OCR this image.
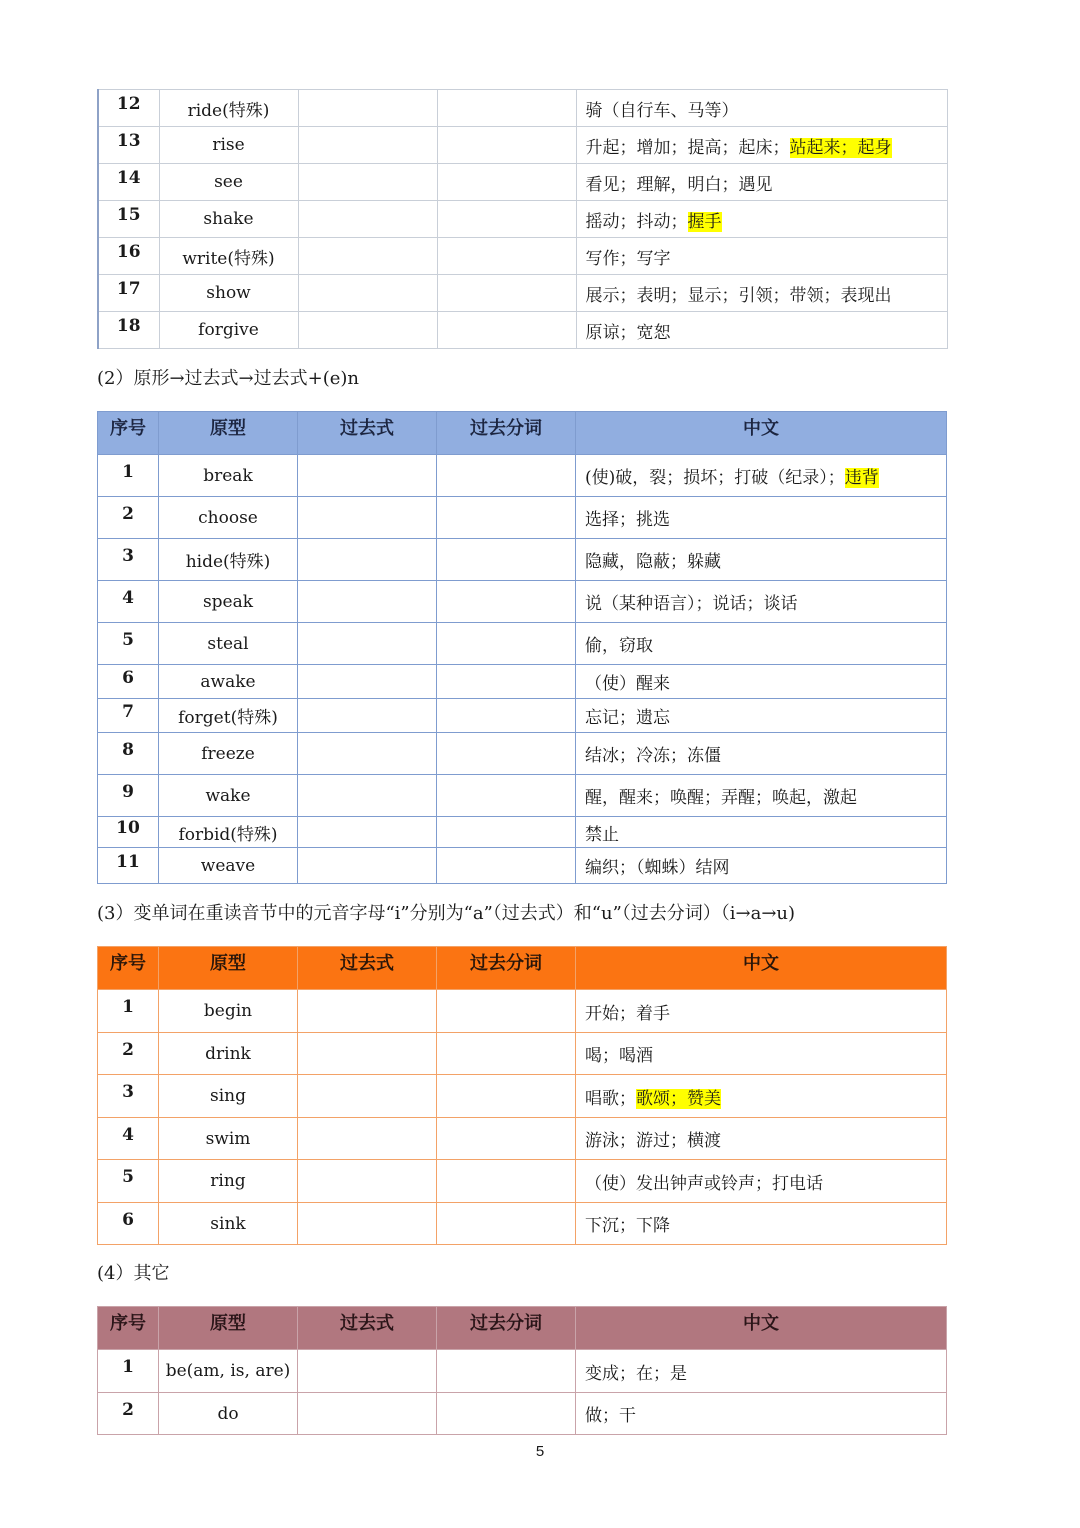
12	ride(特殊)			骑（自行车、马等）
13	rise			升起；增加；提高；起床；站起来；起身
14	see			看见；理解，明白；遇见
15	shake			摇动；抖动；握手
16	write(特殊)			写作；写字
17	show			展示；表明；显示；引领；带领；表现出
18	forgive			原谅；宽恕
(2）原形→过去式→过去式+(e)n
序号	原型	过去式	过去分词	中文
1	break			(使)破，裂；损坏；打破（纪录）；违背
2	choose			选择；挑选
3	hide(特殊)			隐藏，隐蔽；躲藏
4	speak			说（某种语言）；说话；谈话
5	steal			偷，窃取
6	awake			（使）醒来
7	forget(特殊)			忘记；遗忘
8	freeze			结冰；冷冻；冻僵
9	wake			醒，醒来；唤醒；弄醒；唤起，激起
10	forbid(特殊)			禁止
11	weave			编织；（蜘蛛）结网
(3）变单词在重读音节中的元音字母“i”分别为“a”（过去式）和“u”（过去分词）（i→a→u)
序号	原型	过去式	过去分词	中文
1	begin			开始；着手
2	drink			喝；喝酒
3	sing			唱歌；歌颂；赞美
4	swim			游泳；游过；横渡
5	ring			（使）发出钟声或铃声；打电话
6	sink			下沉；下降
(4）其它
序号	原型	过去式	过去分词	中文
1	be(am, is, are)			变成；在；是
2	do			做；干
5
